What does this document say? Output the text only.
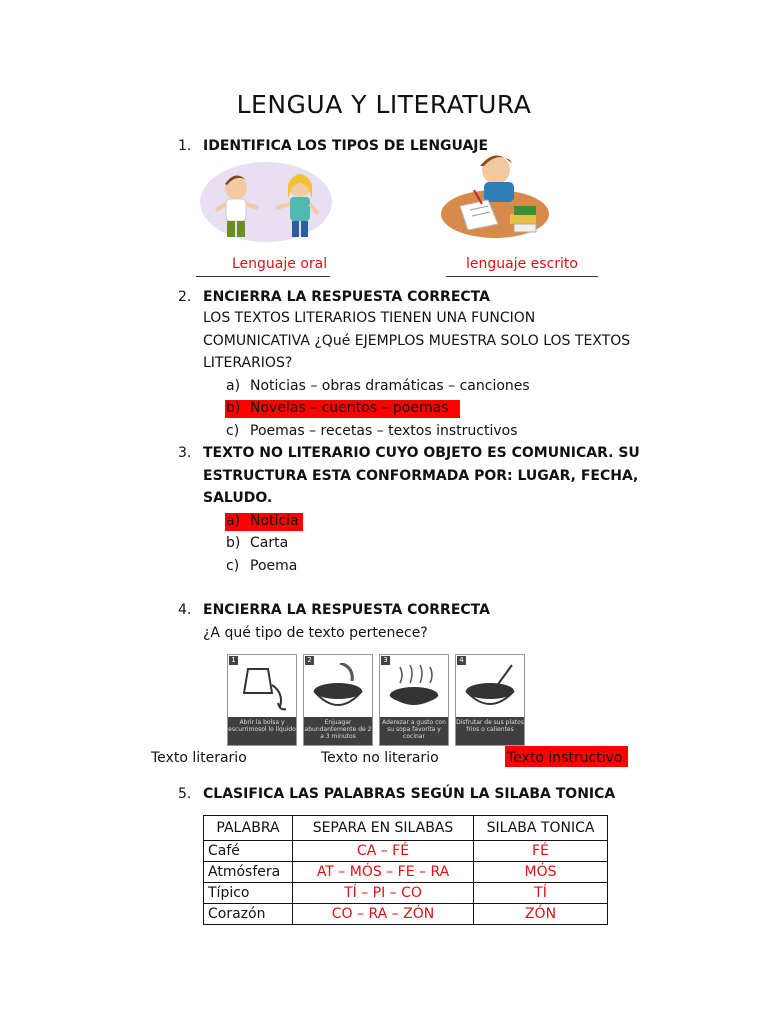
LENGUA Y LITERATURA
1. IDENTIFICA LOS TIPOS DE LENGUAJE
Lenguaje oral	lenguaje escrito
2. ENCIERRA LA RESPUESTA CORRECTA
LOS TEXTOS LITERARIOS TIENEN UNA FUNCION
COMUNICATIVA ¿Qué EJEMPLOS MUESTRA SOLO LOS TEXTOS
LITERARIOS?
a) Noticias – obras dramáticas – canciones
b) Novelas – cuentos – poemas
c) Poemas – recetas – textos instructivos
3. TEXTO NO LITERARIO CUYO OBJETO ES COMUNICAR. SU
ESTRUCTURA ESTA CONFORMADA POR: LUGAR, FECHA,
SALUDO.
a) Noticia
b) Carta
c) Poema
4. ENCIERRA LA RESPUESTA CORRECTA
¿A qué tipo de texto pertenece?
1
Abrir la bolsa y escurrimosol lo líquido
2
Enjuagar abundantemente de 2 a 3 minutos
3
Aderezar a gusto con su sopa favorita y cocinar
4
Disfrutar de sus platos frios o calientes
Texto literario	Texto no literario	Texto instructivo
5. CLASIFICA LAS PALABRAS SEGÚN LA SILABA TONICA
PALABRA	SEPARA EN SILABAS	SILABA TONICA
Café	CA – FÉ	FÉ
Atmósfera	AT – MÓS – FE – RA	MÓS
Típico	TÍ – PI – CO	TÍ
Corazón	CO – RA – ZÓN	ZÓN
